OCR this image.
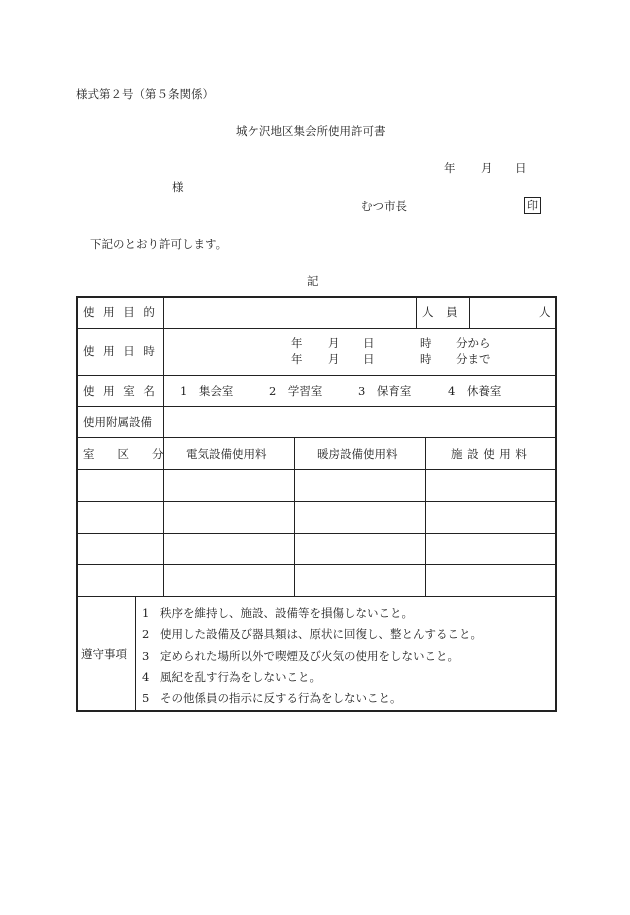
様式第２号（第５条関係）
城ケ沢地区集会所使用許可書
年 月 日
様
むつ市長	印
下記のとおり許可します。
記
使用目的	人員	人
使用日時
年 月 日	時 分から
年 月 日	時 分まで
使用室名 1　集会室	2　学習室	3　保育室	4　休養室
使用附属設備
室　　区　　分 電気設備使用料	暖房設備使用料	施設使用料
遵守事項
1 秩序を維持し、施設、設備等を損傷しないこと。
2 使用した設備及び器具類は、原状に回復し、整とんすること。
3 定められた場所以外で喫煙及び火気の使用をしないこと。
4 風紀を乱す行為をしないこと。
5 その他係員の指示に反する行為をしないこと。
